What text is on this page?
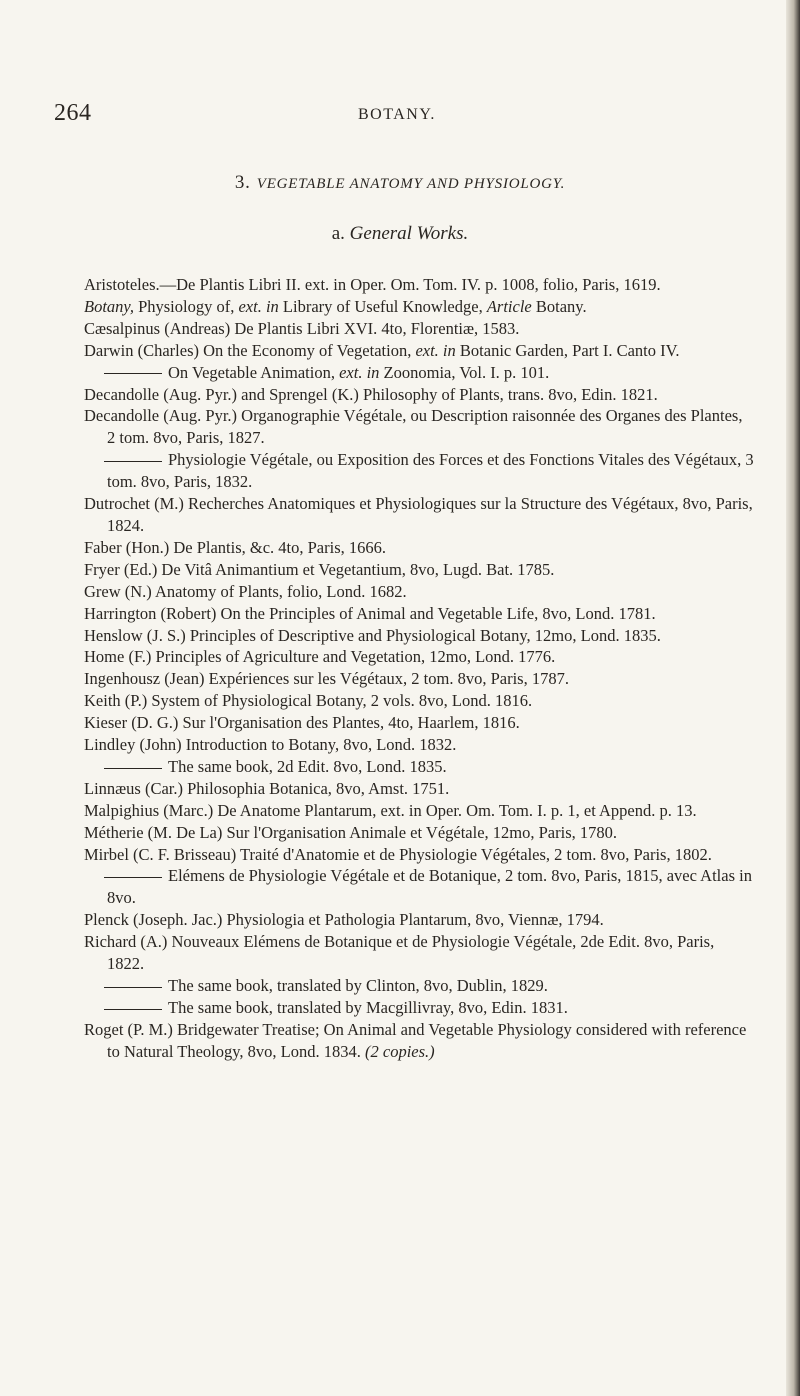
264	BOTANY.
3. VEGETABLE ANATOMY AND PHYSIOLOGY.
a. General Works.
Aristoteles.—De Plantis Libri II. ext. in Oper. Om. Tom. IV. p. 1008, folio, Paris, 1619.
Botany, Physiology of, ext. in Library of Useful Knowledge, Article Botany.
Cæsalpinus (Andreas) De Plantis Libri XVI. 4to, Florentiæ, 1583.
Darwin (Charles) On the Economy of Vegetation, ext. in Botanic Garden, Part I. Canto IV.
On Vegetable Animation, ext. in Zoonomia, Vol. I. p. 101.
Decandolle (Aug. Pyr.) and Sprengel (K.) Philosophy of Plants, trans. 8vo, Edin. 1821.
Decandolle (Aug. Pyr.) Organographie Végétale, ou Description raisonnée des Organes des Plantes, 2 tom. 8vo, Paris, 1827.
Physiologie Végétale, ou Exposition des Forces et des Fonctions Vitales des Végétaux, 3 tom. 8vo, Paris, 1832.
Dutrochet (M.) Recherches Anatomiques et Physiologiques sur la Structure des Végétaux, 8vo, Paris, 1824.
Faber (Hon.) De Plantis, &c. 4to, Paris, 1666.
Fryer (Ed.) De Vitâ Animantium et Vegetantium, 8vo, Lugd. Bat. 1785.
Grew (N.) Anatomy of Plants, folio, Lond. 1682.
Harrington (Robert) On the Principles of Animal and Vegetable Life, 8vo, Lond. 1781.
Henslow (J. S.) Principles of Descriptive and Physiological Botany, 12mo, Lond. 1835.
Home (F.) Principles of Agriculture and Vegetation, 12mo, Lond. 1776.
Ingenhousz (Jean) Expériences sur les Végétaux, 2 tom. 8vo, Paris, 1787.
Keith (P.) System of Physiological Botany, 2 vols. 8vo, Lond. 1816.
Kieser (D. G.) Sur l'Organisation des Plantes, 4to, Haarlem, 1816.
Lindley (John) Introduction to Botany, 8vo, Lond. 1832.
The same book, 2d Edit. 8vo, Lond. 1835.
Linnæus (Car.) Philosophia Botanica, 8vo, Amst. 1751.
Malpighius (Marc.) De Anatome Plantarum, ext. in Oper. Om. Tom. I. p. 1, et Append. p. 13.
Métherie (M. De La) Sur l'Organisation Animale et Végétale, 12mo, Paris, 1780.
Mirbel (C. F. Brisseau) Traité d'Anatomie et de Physiologie Végétales, 2 tom. 8vo, Paris, 1802.
Elémens de Physiologie Végétale et de Botanique, 2 tom. 8vo, Paris, 1815, avec Atlas in 8vo.
Plenck (Joseph. Jac.) Physiologia et Pathologia Plantarum, 8vo, Viennæ, 1794.
Richard (A.) Nouveaux Elémens de Botanique et de Physiologie Végétale, 2de Edit. 8vo, Paris, 1822.
The same book, translated by Clinton, 8vo, Dublin, 1829.
The same book, translated by Macgillivray, 8vo, Edin. 1831.
Roget (P. M.) Bridgewater Treatise; On Animal and Vegetable Physiology considered with reference to Natural Theology, 8vo, Lond. 1834. (2 copies.)
